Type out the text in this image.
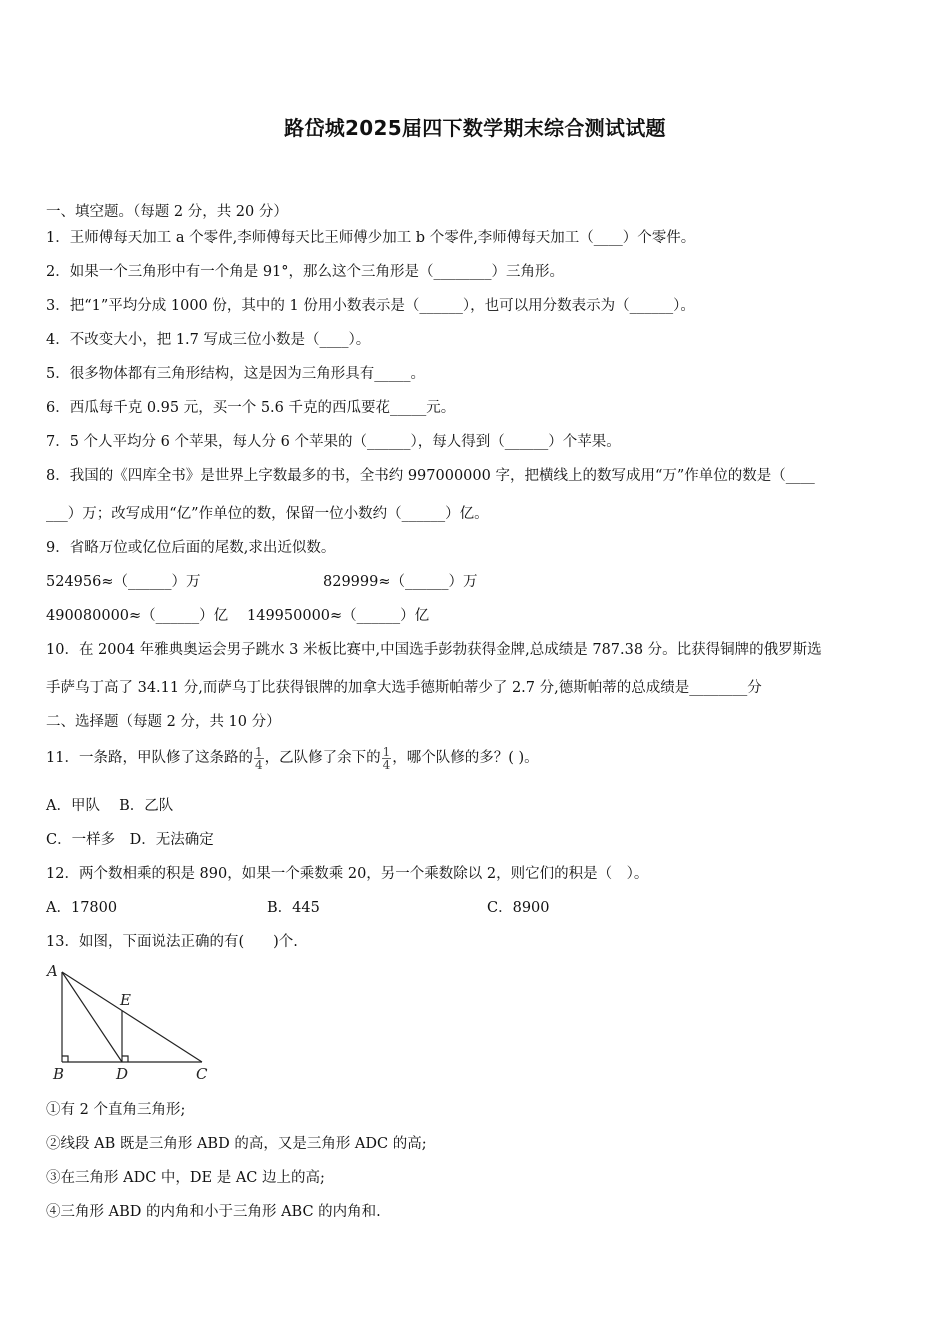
路岱城2025届四下数学期末综合测试试题
一、填空题。（每题 2 分，共 20 分）
1．王师傅每天加工 a 个零件,李师傅每天比王师傅少加工 b 个零件,李师傅每天加工（____）个零件。
2．如果一个三角形中有一个角是 91°，那么这个三角形是（________）三角形。
3．把“1”平均分成 1000 份，其中的 1 份用小数表示是（______），也可以用分数表示为（______）。
4．不改变大小，把 1.7 写成三位小数是（____）。
5．很多物体都有三角形结构，这是因为三角形具有_____。
6．西瓜每千克 0.95 元，买一个 5.6 千克的西瓜要花_____元。
7．5 个人平均分 6 个苹果，每人分 6 个苹果的（______），每人得到（______）个苹果。
8．我国的《四库全书》是世界上字数最多的书，全书约 997000000 字，把横线上的数写成用“万”作单位的数是（____
___）万；改写成用“亿”作单位的数，保留一位小数约（______）亿。
9．省略万位或亿位后面的尾数,求出近似数。
524956≈（______）万	829999≈（______）万
490080000≈（______）亿 149950000≈（______）亿
10．在 2004 年雅典奥运会男子跳水 3 米板比赛中,中国选手彭勃获得金牌,总成绩是 787.38 分。比获得铜牌的俄罗斯选
手萨乌丁高了 34.11 分,而萨乌丁比获得银牌的加拿大选手德斯帕蒂少了 2.7 分,德斯帕蒂的总成绩是________分
二、选择题（每题 2 分，共 10 分）
11．一条路，甲队修了这条路的 $\frac{1}{4}$ ，乙队修了余下的 $\frac{1}{4}$ ，哪个队修的多？( )。
A．甲队　 B．乙队
C．一样多　D．无法确定
12．两个数相乘的积是 890，如果一个乘数乘 20，另一个乘数除以 2，则它们的积是（　）。
A．17800	B．445	C．8900
13．如图，下面说法正确的有(　　)个.
A
B	D	C
E
①有 2 个直角三角形;
②线段 AB 既是三角形 ABD 的高，又是三角形 ADC 的高;
③在三角形 ADC 中，DE 是 AC 边上的高;
④三角形 ABD 的内角和小于三角形 ABC 的内角和.
